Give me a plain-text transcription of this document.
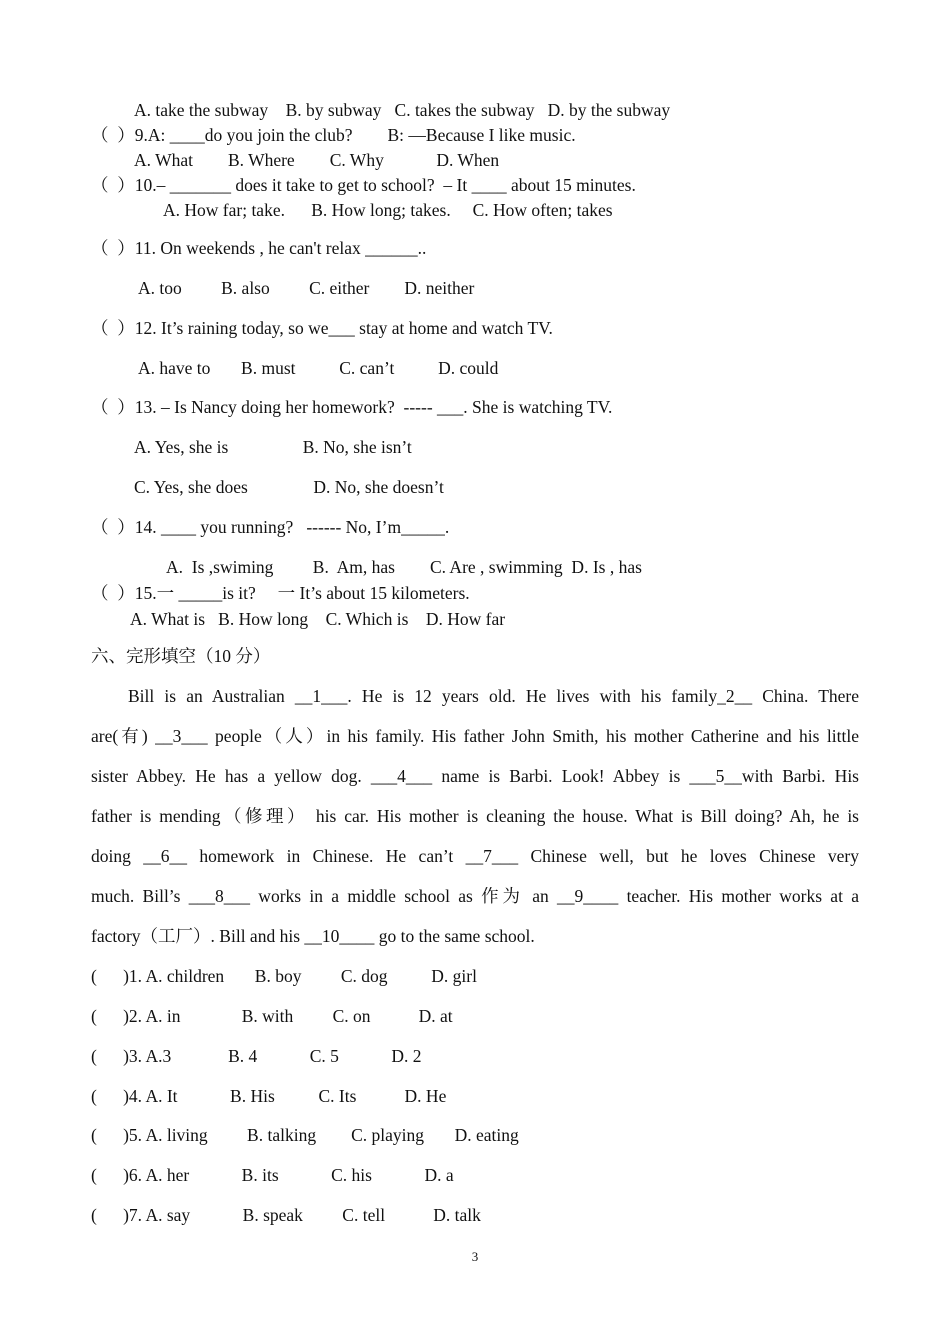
A. take the subway    B. by subway   C. takes the subway   D. by the subway
（  ）9.A: ____do you join the club?        B: —Because I like music.
A. What        B. Where        C. Why            D. When
（  ）10.– _______ does it take to get to school?  – It ____ about 15 minutes.
A. How far; take.      B. How long; takes.     C. How often; takes
（  ）11. On weekends , he can't relax ______..
A. too         B. also         C. either        D. neither
（  ）12. It’s raining today, so we___ stay at home and watch TV.
A. have to       B. must          C. can’t          D. could
（  ）13. – Is Nancy doing her homework?  ----- ___. She is watching TV.
A. Yes, she is                 B. No, she isn’t
C. Yes, she does               D. No, she doesn’t
（  ）14. ____ you running?   ------ No, I’m_____.
A.  Is ,swiming         B.  Am, has        C. Are , swimming  D. Is , has
（  ）15.一 _____is it?     一 It’s about 15 kilometers.
A. What is   B. How long    C. Which is    D. How far
六、完形填空（10 分）
Bill is an Australian __1___. He is 12 years old. He lives with his family_2__ China. There
are(有) __3___ people（人）in his family. His father John Smith, his mother Catherine and his little
sister Abbey. He has a yellow dog. ___4___ name is Barbi. Look! Abbey is ___5__with Barbi. His
father is mending（修理） his car. His mother is cleaning the house. What is Bill doing? Ah, he is
doing __6__ homework in Chinese. He can’t __7___ Chinese well, but he loves Chinese very
much. Bill’s ___8___ works in a middle school as 作为 an __9____ teacher. His mother works at a
factory（工厂）. Bill and his __10____ go to the same school.
(      )1. A. children       B. boy         C. dog          D. girl
(      )2. A. in              B. with         C. on           D. at
(      )3. A.3             B. 4            C. 5            D. 2
(      )4. A. It            B. His          C. Its           D. He
(      )5. A. living         B. talking        C. playing       D. eating
(      )6. A. her            B. its            C. his            D. a
(      )7. A. say            B. speak         C. tell           D. talk
3
